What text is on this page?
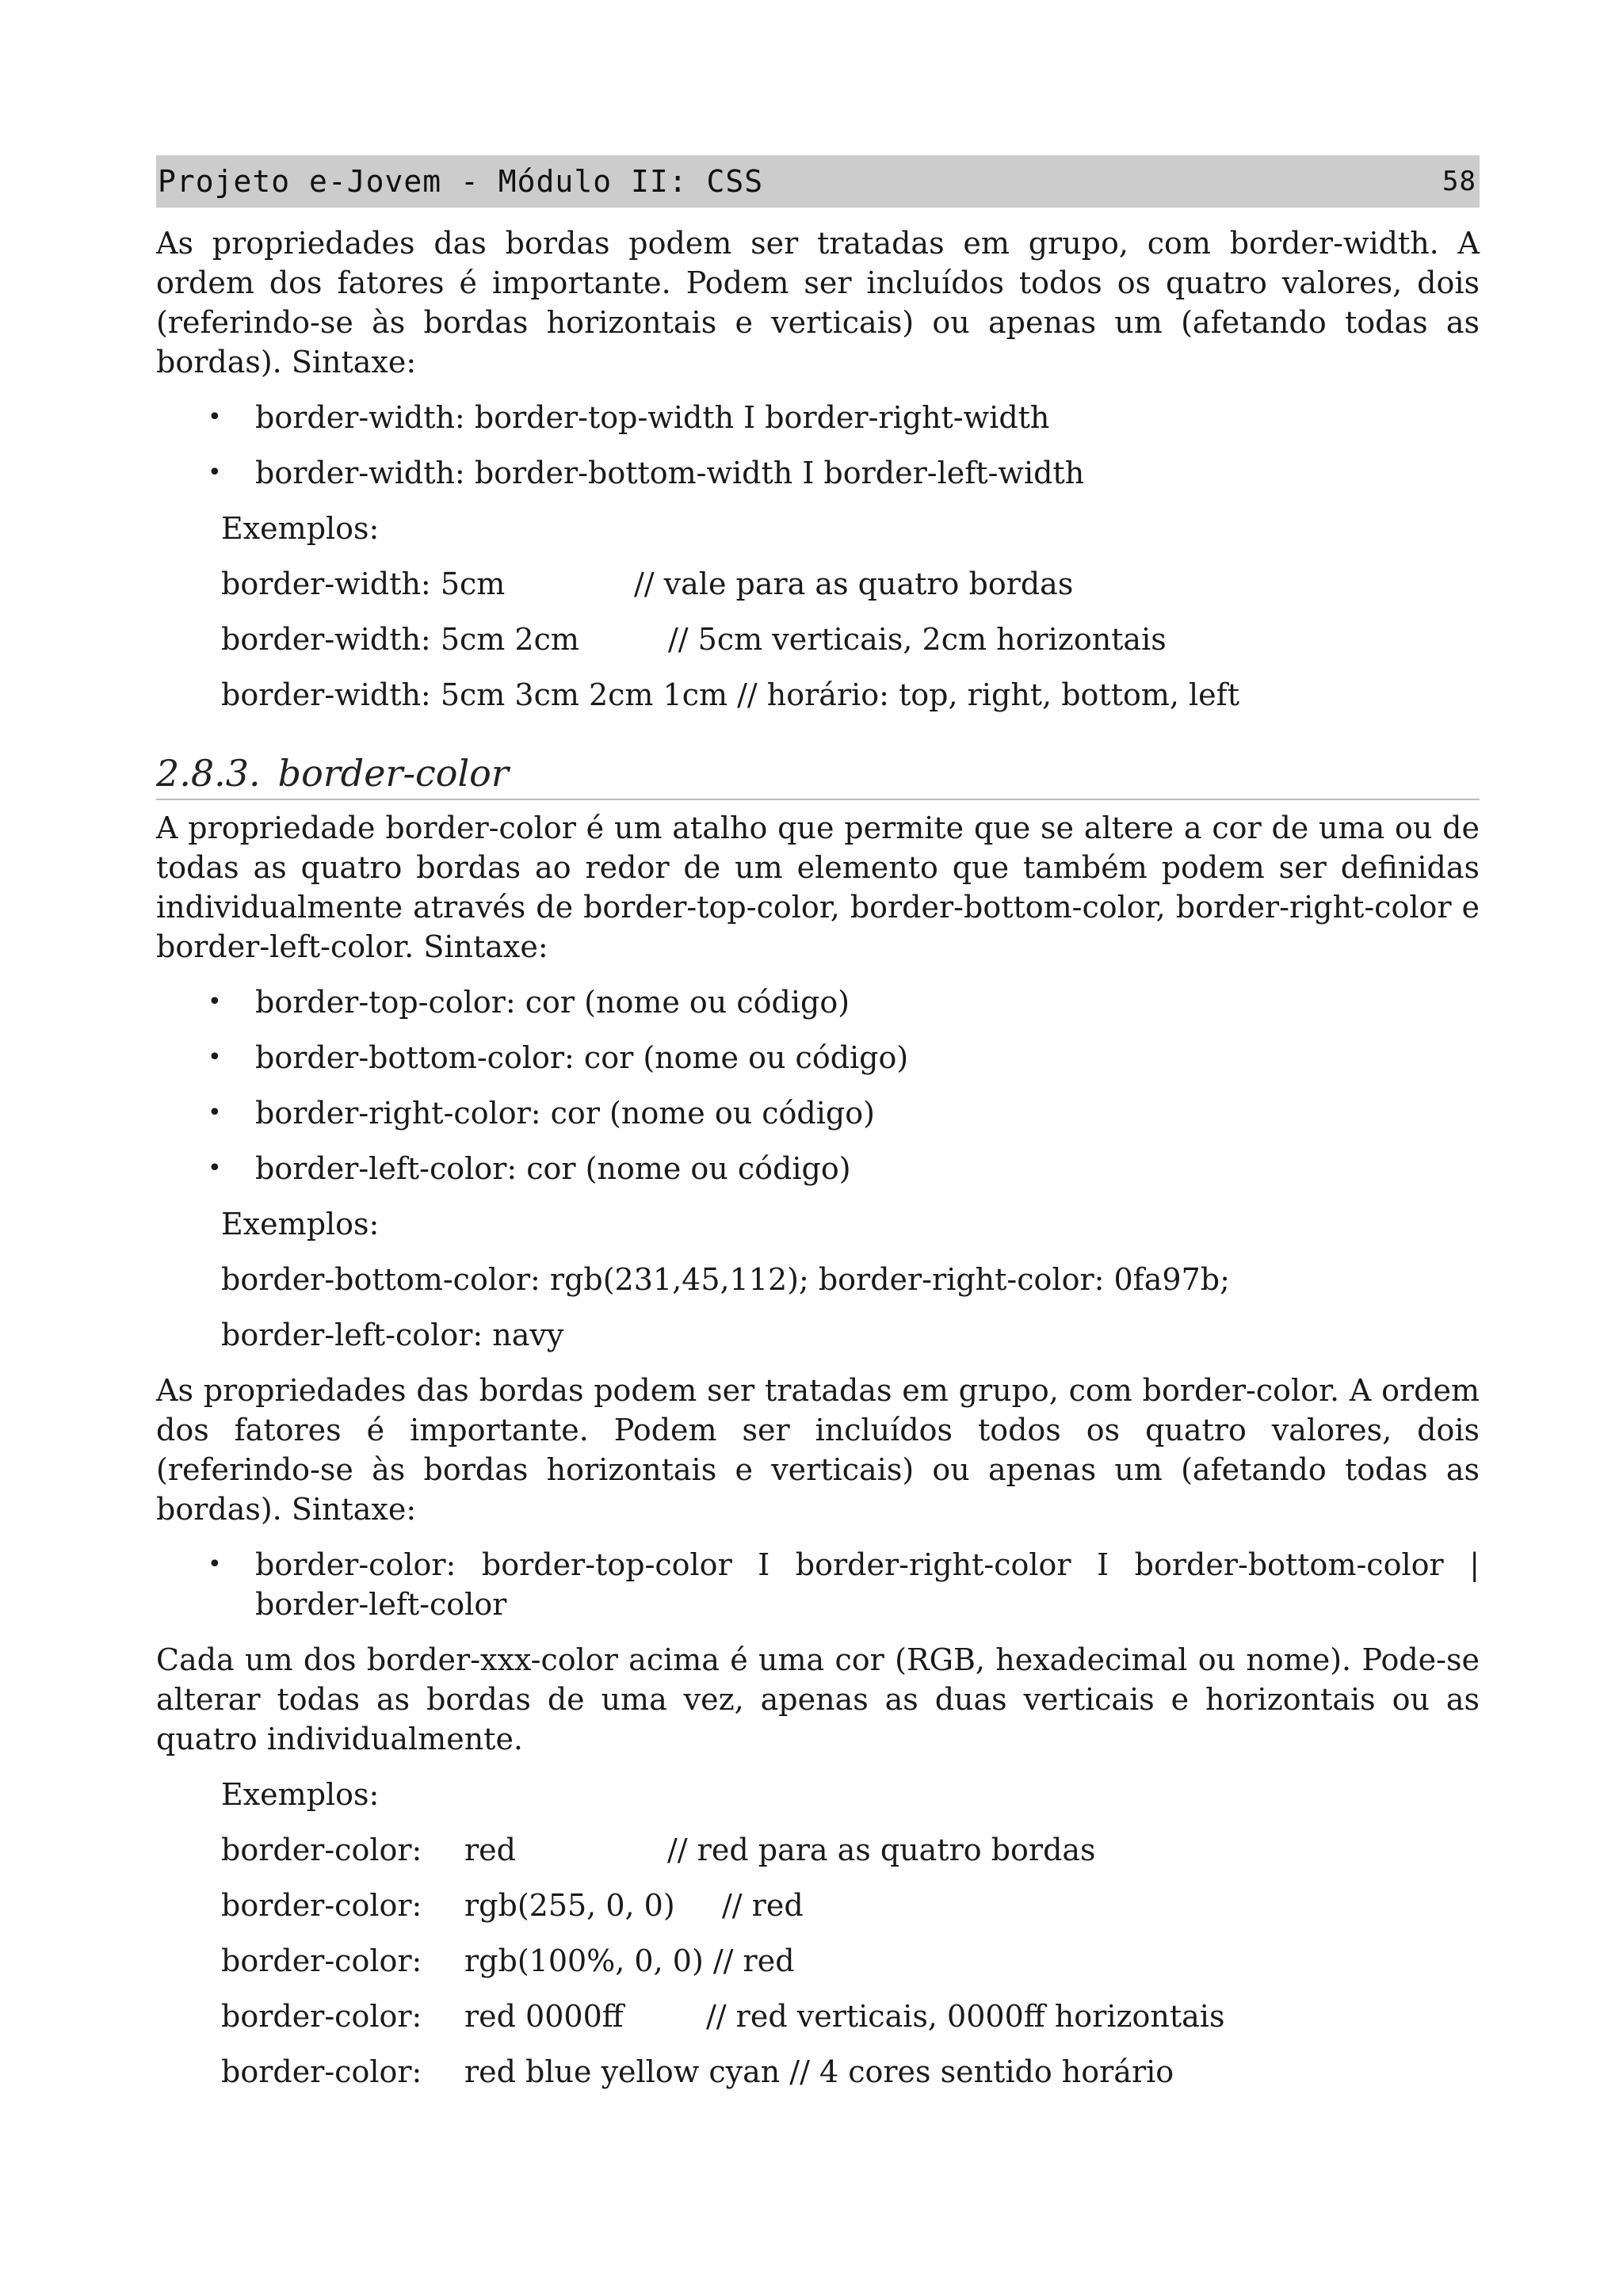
Projeto e-Jovem - Módulo II: CSS	58

As propriedades das bordas podem ser tratadas em grupo, com border-width. A ordem dos fatores é importante. Podem ser incluídos todos os quatro valores, dois (referindo-se às bordas horizontais e verticais) ou apenas um (afetando todas as bordas). Sintaxe:

• border-width: border-top-width I border-right-width
• border-width: border-bottom-width I border-left-width
Exemplos:
border-width: 5cm	// vale para as quatro bordas
border-width: 5cm 2cm	// 5cm verticais, 2cm horizontais
border-width: 5cm 3cm 2cm 1cm // horário: top, right, bottom, left
2.8.3. border-color

A propriedade border-color é um atalho que permite que se altere a cor de uma ou de todas as quatro bordas ao redor de um elemento que também podem ser definidas individualmente através de border-top-color, border-bottom-color, border-right-color e border-left-color. Sintaxe:

• border-top-color: cor (nome ou código)
• border-bottom-color: cor (nome ou código)
• border-right-color: cor (nome ou código)
• border-left-color: cor (nome ou código)
Exemplos:
border-bottom-color: rgb(231,45,112); border-right-color: 0fa97b;
border-left-color: navy

As propriedades das bordas podem ser tratadas em grupo, com border-color. A ordem dos fatores é importante. Podem ser incluídos todos os quatro valores, dois (referindo-se às bordas horizontais e verticais) ou apenas um (afetando todas as bordas). Sintaxe:

• border-color: border-top-color I border-right-color I border-bottom-color | border-left-color

Cada um dos border-xxx-color acima é uma cor (RGB, hexadecimal ou nome). Pode-se alterar todas as bordas de uma vez, apenas as duas verticais e horizontais ou as quatro individualmente.

Exemplos:
border-color: red	// red para as quatro bordas
border-color: rgb(255, 0, 0) // red
border-color: rgb(100%, 0, 0) // red
border-color: red 0000ff	// red verticais, 0000ff horizontais
border-color: red blue yellow cyan // 4 cores sentido horário
